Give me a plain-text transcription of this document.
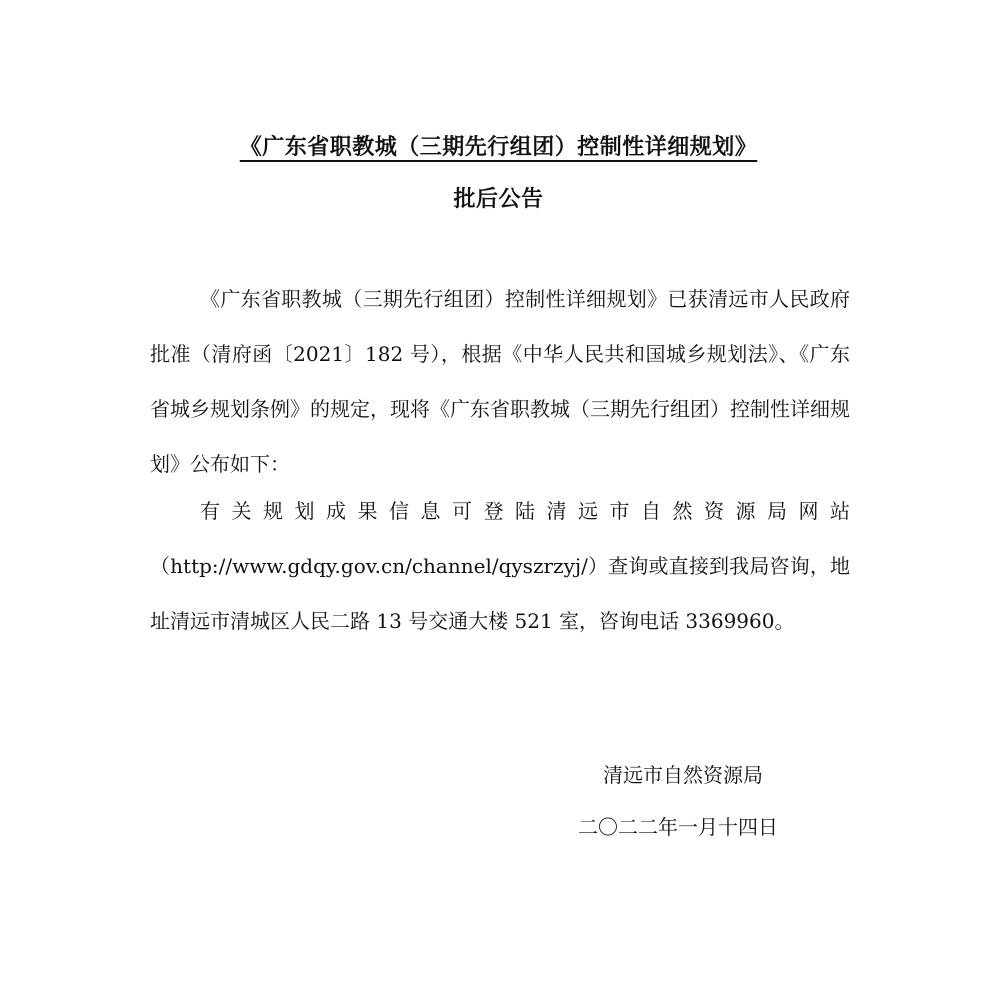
《广东省职教城（三期先行组团）控制性详细规划》
批后公告
《广东省职教城（三期先行组团）控制性详细规划》已获清远市人民政府批准（清府函〔2021〕182 号），根据《中华人民共和国城乡规划法》、《广东省城乡规划条例》的规定，现将《广东省职教城（三期先行组团）控制性详细规划》公布如下：
有关规划成果信息可登陆清远市自然资源局网站（http://www.gdqy.gov.cn/channel/qyszrzyj/）查询或直接到我局咨询，地址清远市清城区人民二路 13 号交通大楼 521 室，咨询电话 3369960。
清远市自然资源局
二〇二二年一月十四日
